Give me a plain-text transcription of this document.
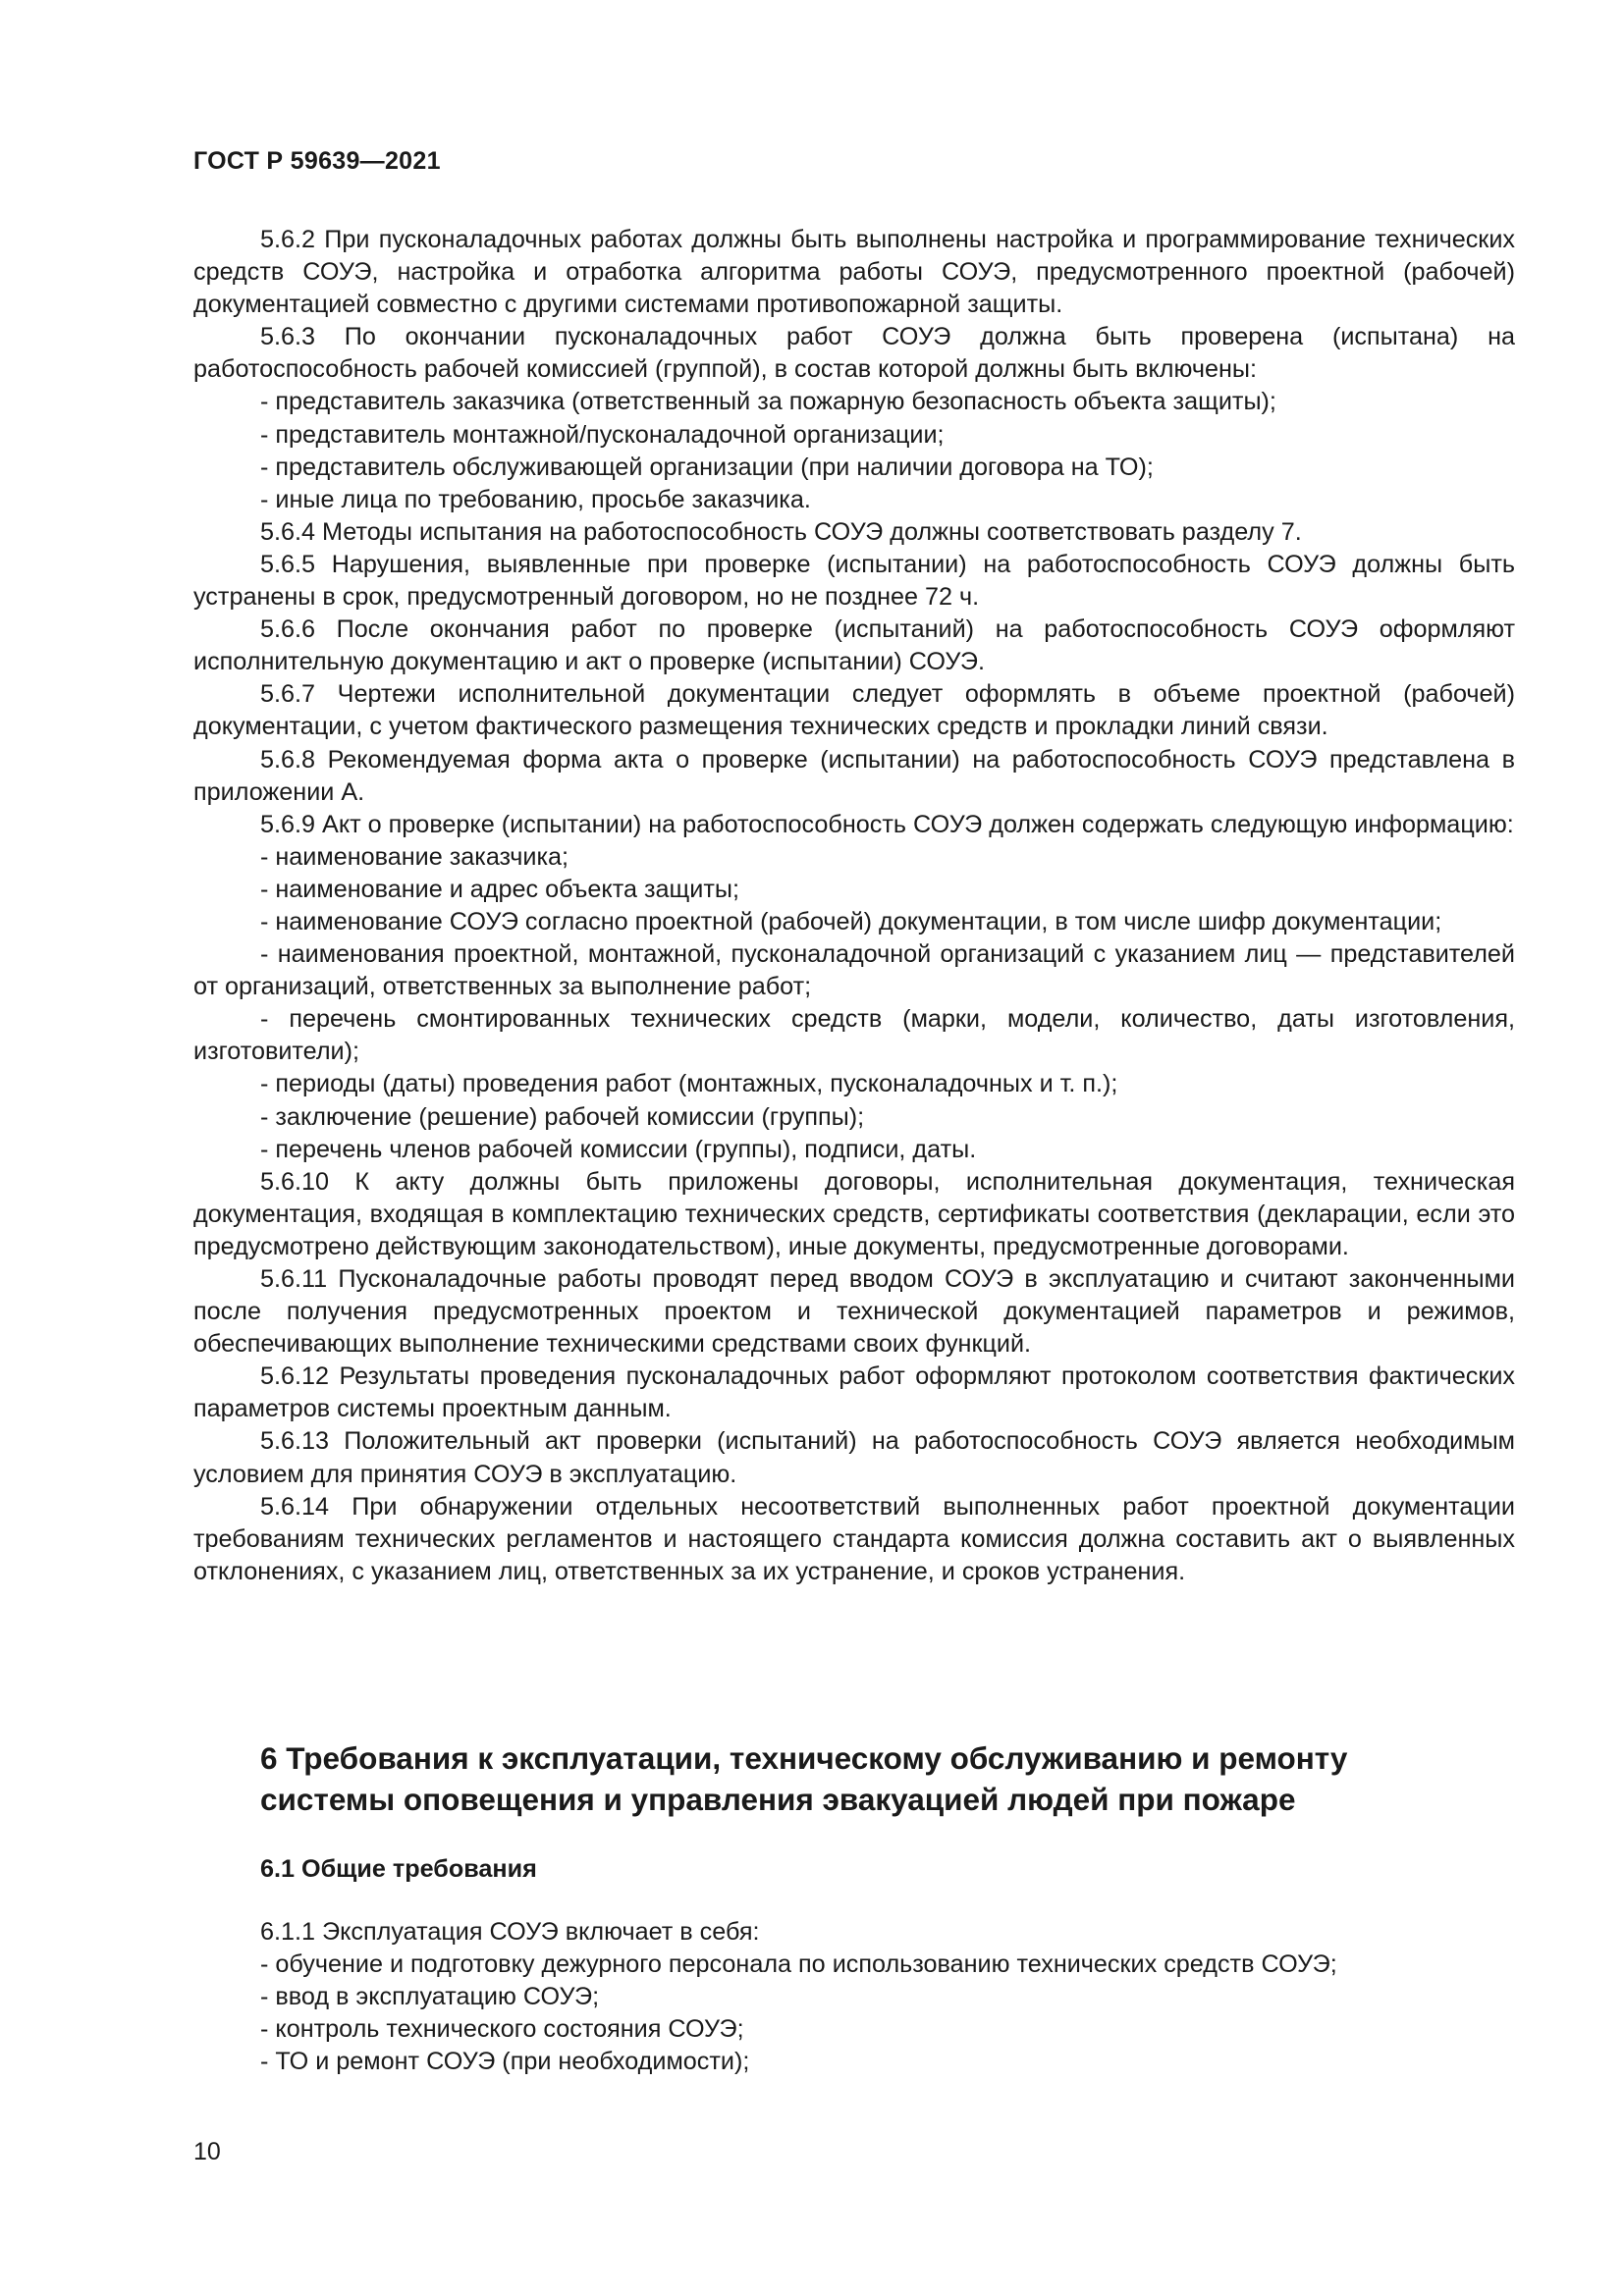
ГОСТ Р 59639—2021

5.6.2 При пусконаладочных работах должны быть выполнены настройка и программирование технических средств СОУЭ, настройка и отработка алгоритма работы СОУЭ, предусмотренного проектной (рабочей) документацией совместно с другими системами противопожарной защиты.

5.6.3 По окончании пусконаладочных работ СОУЭ должна быть проверена (испытана) на работоспособность рабочей комиссией (группой), в состав которой должны быть включены:

- представитель заказчика (ответственный за пожарную безопасность объекта защиты);

- представитель монтажной/пусконаладочной организации;

- представитель обслуживающей организации (при наличии договора на ТО);

- иные лица по требованию, просьбе заказчика.

5.6.4 Методы испытания на работоспособность СОУЭ должны соответствовать разделу 7.

5.6.5 Нарушения, выявленные при проверке (испытании) на работоспособность СОУЭ должны быть устранены в срок, предусмотренный договором, но не позднее 72 ч.

5.6.6 После окончания работ по проверке (испытаний) на работоспособность СОУЭ оформляют исполнительную документацию и акт о проверке (испытании) СОУЭ.

5.6.7 Чертежи исполнительной документации следует оформлять в объеме проектной (рабочей) документации, с учетом фактического размещения технических средств и прокладки линий связи.

5.6.8 Рекомендуемая форма акта о проверке (испытании) на работоспособность СОУЭ представлена в приложении А.

5.6.9 Акт о проверке (испытании) на работоспособность СОУЭ должен содержать следующую информацию:

- наименование заказчика;

- наименование и адрес объекта защиты;

- наименование СОУЭ согласно проектной (рабочей) документации, в том числе шифр документации;

- наименования проектной, монтажной, пусконаладочной организаций с указанием лиц — представителей от организаций, ответственных за выполнение работ;

- перечень смонтированных технических средств (марки, модели, количество, даты изготовления, изготовители);

- периоды (даты) проведения работ (монтажных, пусконаладочных и т. п.);

- заключение (решение) рабочей комиссии (группы);

- перечень членов рабочей комиссии (группы), подписи, даты.

5.6.10 К акту должны быть приложены договоры, исполнительная документация, техническая документация, входящая в комплектацию технических средств, сертификаты соответствия (декларации, если это предусмотрено действующим законодательством), иные документы, предусмотренные договорами.

5.6.11 Пусконаладочные работы проводят перед вводом СОУЭ в эксплуатацию и считают законченными после получения предусмотренных проектом и технической документацией параметров и режимов, обеспечивающих выполнение техническими средствами своих функций.

5.6.12 Результаты проведения пусконаладочных работ оформляют протоколом соответствия фактических параметров системы проектным данным.

5.6.13 Положительный акт проверки (испытаний) на работоспособность СОУЭ является необходимым условием для принятия СОУЭ в эксплуатацию.

5.6.14 При обнаружении отдельных несоответствий выполненных работ проектной документации требованиям технических регламентов и настоящего стандарта комиссия должна составить акт о выявленных отклонениях, с указанием лиц, ответственных за их устранение, и сроков устранения.

6 Требования к эксплуатации, техническому обслуживанию и ремонту системы оповещения и управления эвакуацией людей при пожаре
6.1 Общие требования

6.1.1 Эксплуатация СОУЭ включает в себя:

- обучение и подготовку дежурного персонала по использованию технических средств СОУЭ;

- ввод в эксплуатацию СОУЭ;

- контроль технического состояния СОУЭ;

- ТО и ремонт СОУЭ (при необходимости);

10
